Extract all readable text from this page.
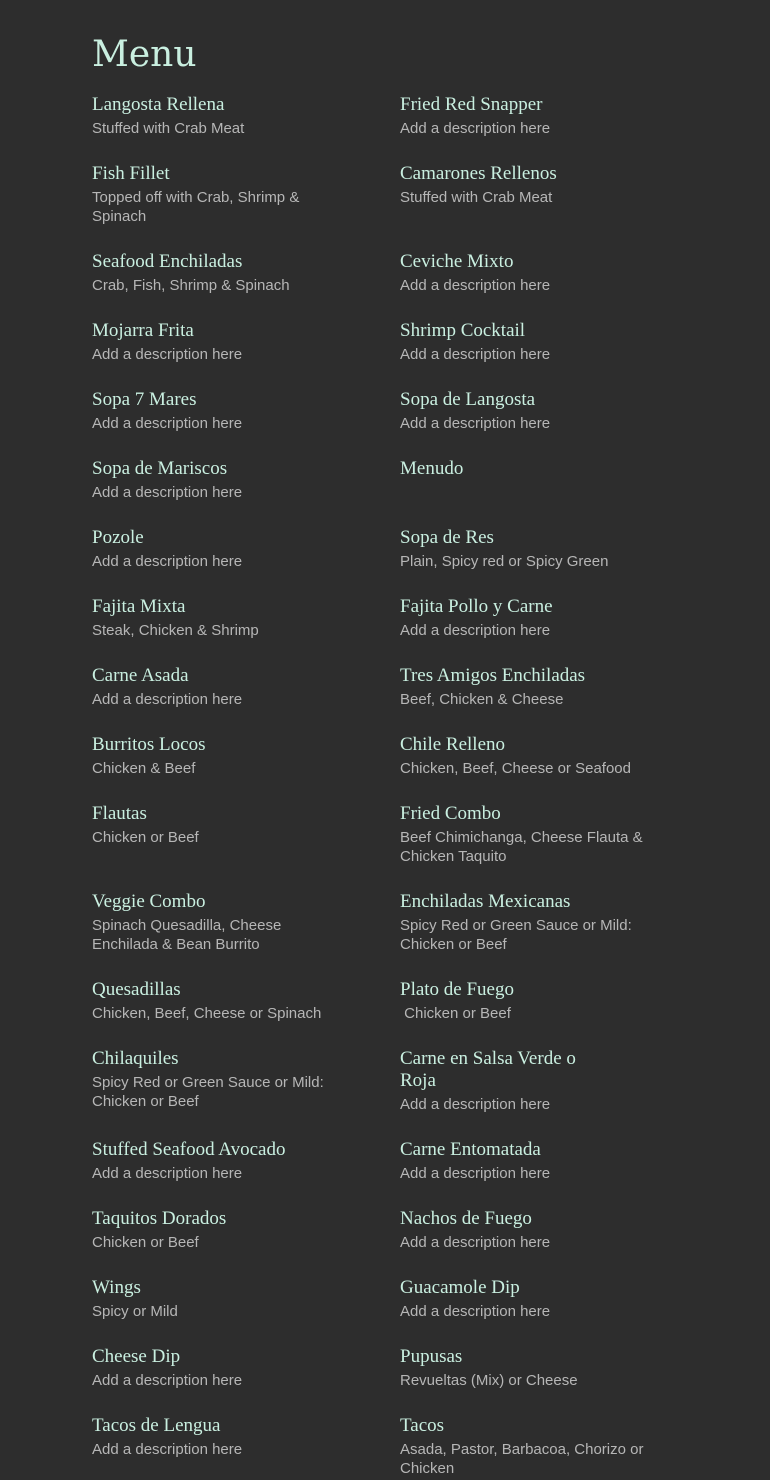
Menu
Langosta Rellena
Stuffed with Crab Meat
Fried Red Snapper
Add a description here
Fish Fillet
Topped off with Crab, Shrimp & Spinach
Camarones Rellenos
Stuffed with Crab Meat
Seafood Enchiladas
Crab, Fish, Shrimp & Spinach
Ceviche Mixto
Add a description here
Mojarra Frita
Add a description here
Shrimp Cocktail
Add a description here
Sopa 7 Mares
Add a description here
Sopa de Langosta
Add a description here
Sopa de Mariscos
Add a description here
Menudo
Pozole
Add a description here
Sopa de Res
Plain, Spicy red or Spicy Green
Fajita Mixta
Steak, Chicken & Shrimp
Fajita Pollo y Carne
Add a description here
Carne Asada
Add a description here
Tres Amigos Enchiladas
Beef, Chicken & Cheese
Burritos Locos
Chicken & Beef
Chile Relleno
Chicken, Beef, Cheese or Seafood
Flautas
Chicken or Beef
Fried Combo
Beef Chimichanga, Cheese Flauta & Chicken Taquito
Veggie Combo
Spinach Quesadilla, Cheese Enchilada & Bean Burrito
Enchiladas Mexicanas
Spicy Red or Green Sauce or Mild: Chicken or Beef
Quesadillas
Chicken, Beef, Cheese or Spinach
Plato de Fuego
Chicken or Beef
Chilaquiles
Spicy Red or Green Sauce or Mild: Chicken or Beef
Carne en Salsa Verde o Roja
Add a description here
Stuffed Seafood Avocado
Add a description here
Carne Entomatada
Add a description here
Taquitos Dorados
Chicken or Beef
Nachos de Fuego
Add a description here
Wings
Spicy or Mild
Guacamole Dip
Add a description here
Cheese Dip
Add a description here
Pupusas
Revueltas (Mix) or Cheese
Tacos de Lengua
Add a description here
Tacos
Asada, Pastor, Barbacoa, Chorizo or Chicken
